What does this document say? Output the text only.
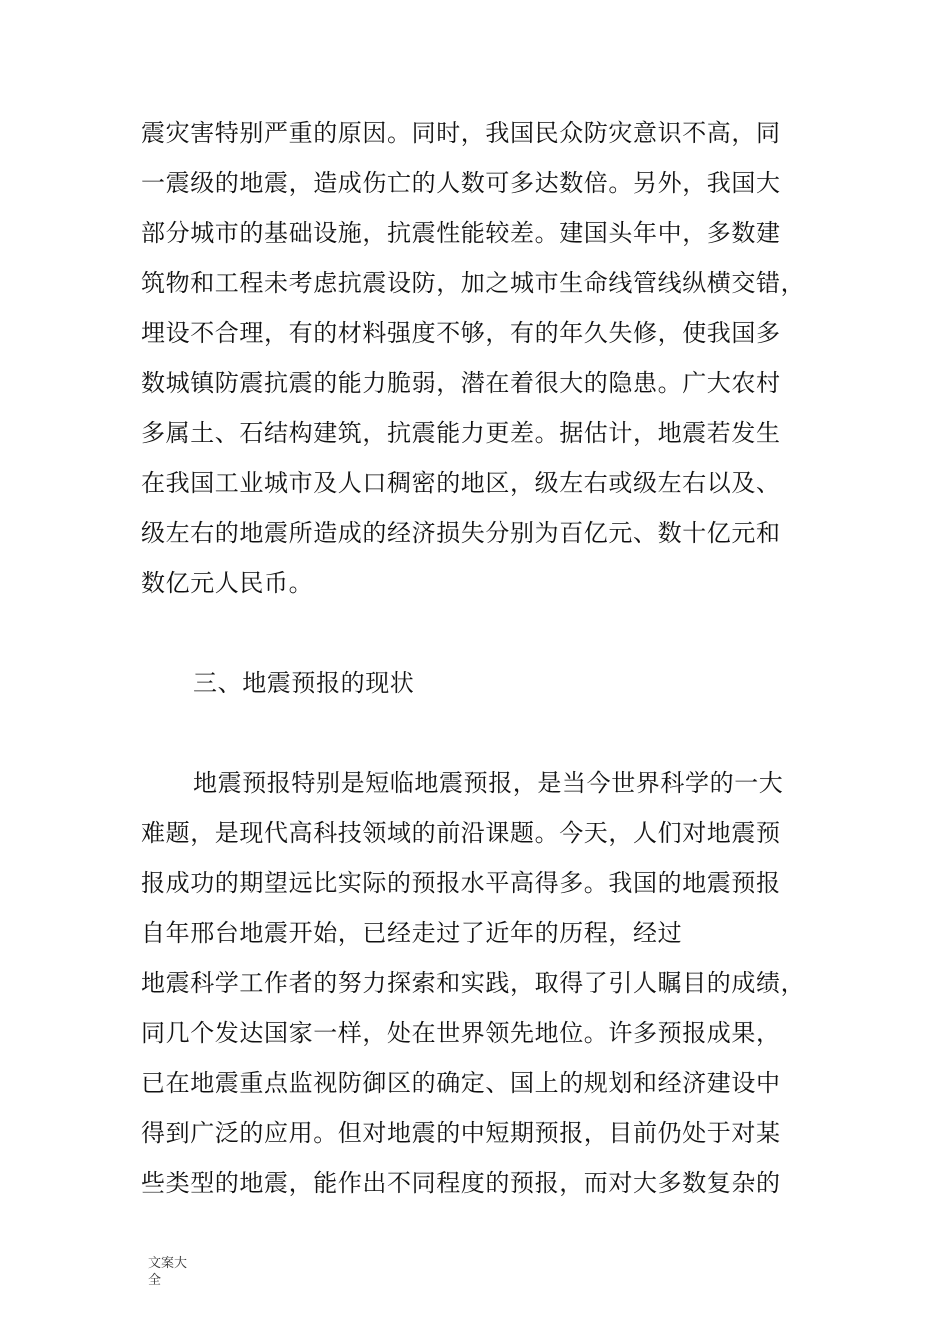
震灾害特别严重的原因。同时，我国民众防灾意识不高，同
一震级的地震，造成伤亡的人数可多达数倍。另外，我国大
部分城市的基础设施，抗震性能较差。建国头年中，多数建
筑物和工程未考虑抗震设防，加之城市生命线管线纵横交错，
埋设不合理，有的材料强度不够，有的年久失修，使我国多
数城镇防震抗震的能力脆弱，潜在着很大的隐患。广大农村
多属土、石结构建筑，抗震能力更差。据估计，地震若发生
在我国工业城市及人口稠密的地区，级左右或级左右以及、
级左右的地震所造成的经济损失分别为百亿元、数十亿元和
数亿元人民币。
三、地震预报的现状
地震预报特别是短临地震预报，是当今世界科学的一大
难题，是现代高科技领域的前沿课题。今天，人们对地震预
报成功的期望远比实际的预报水平高得多。我国的地震预报
自年邢台地震开始，已经走过了近年的历程，经过
地震科学工作者的努力探索和实践，取得了引人瞩目的成绩，
同几个发达国家一样，处在世界领先地位。许多预报成果，
已在地震重点监视防御区的确定、国上的规划和经济建设中
得到广泛的应用。但对地震的中短期预报，目前仍处于对某
些类型的地震，能作出不同程度的预报，而对大多数复杂的
文案大
全
